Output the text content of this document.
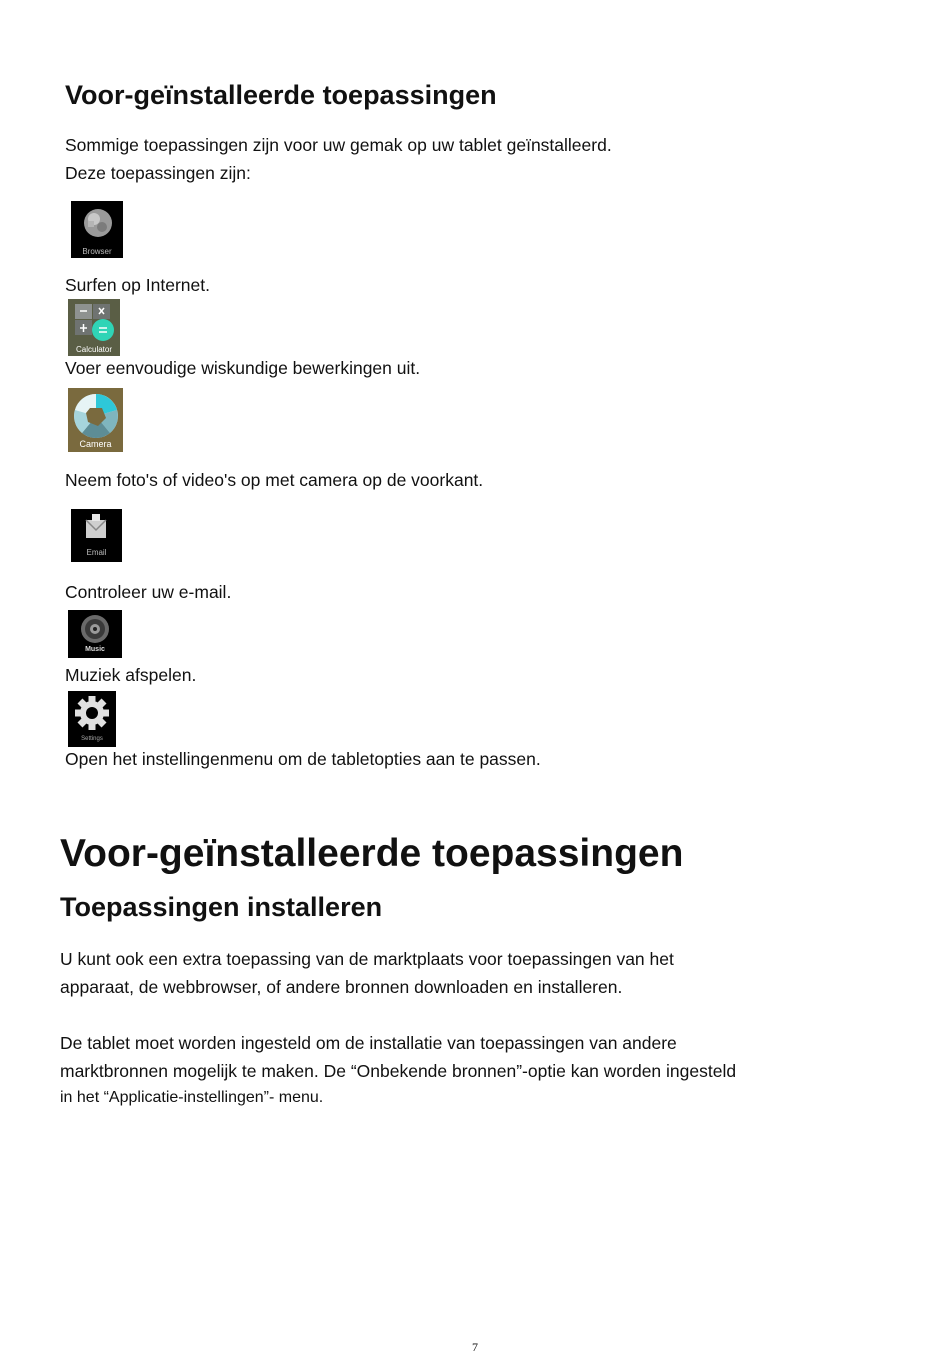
Voor-geïnstalleerde toepassingen
Sommige toepassingen zijn voor uw gemak op uw tablet geïnstalleerd.
Deze toepassingen zijn:
Browser
Surfen op Internet.
Calculator
Voer eenvoudige wiskundige bewerkingen uit.
Camera
Neem foto's of video's op met camera op de voorkant.
Email
Controleer uw e-mail.
Music
Muziek afspelen.
Settings
Open het instellingenmenu om de tabletopties aan te passen.
Voor-geïnstalleerde toepassingen
Toepassingen installeren
U kunt ook een extra toepassing van de marktplaats voor toepassingen van het
apparaat, de webbrowser, of andere bronnen downloaden en installeren.
De tablet moet worden ingesteld om de installatie van toepassingen van andere
marktbronnen mogelijk te maken. De “Onbekende bronnen”-optie kan worden ingesteld
in het “Applicatie-instellingen”- menu.
7
